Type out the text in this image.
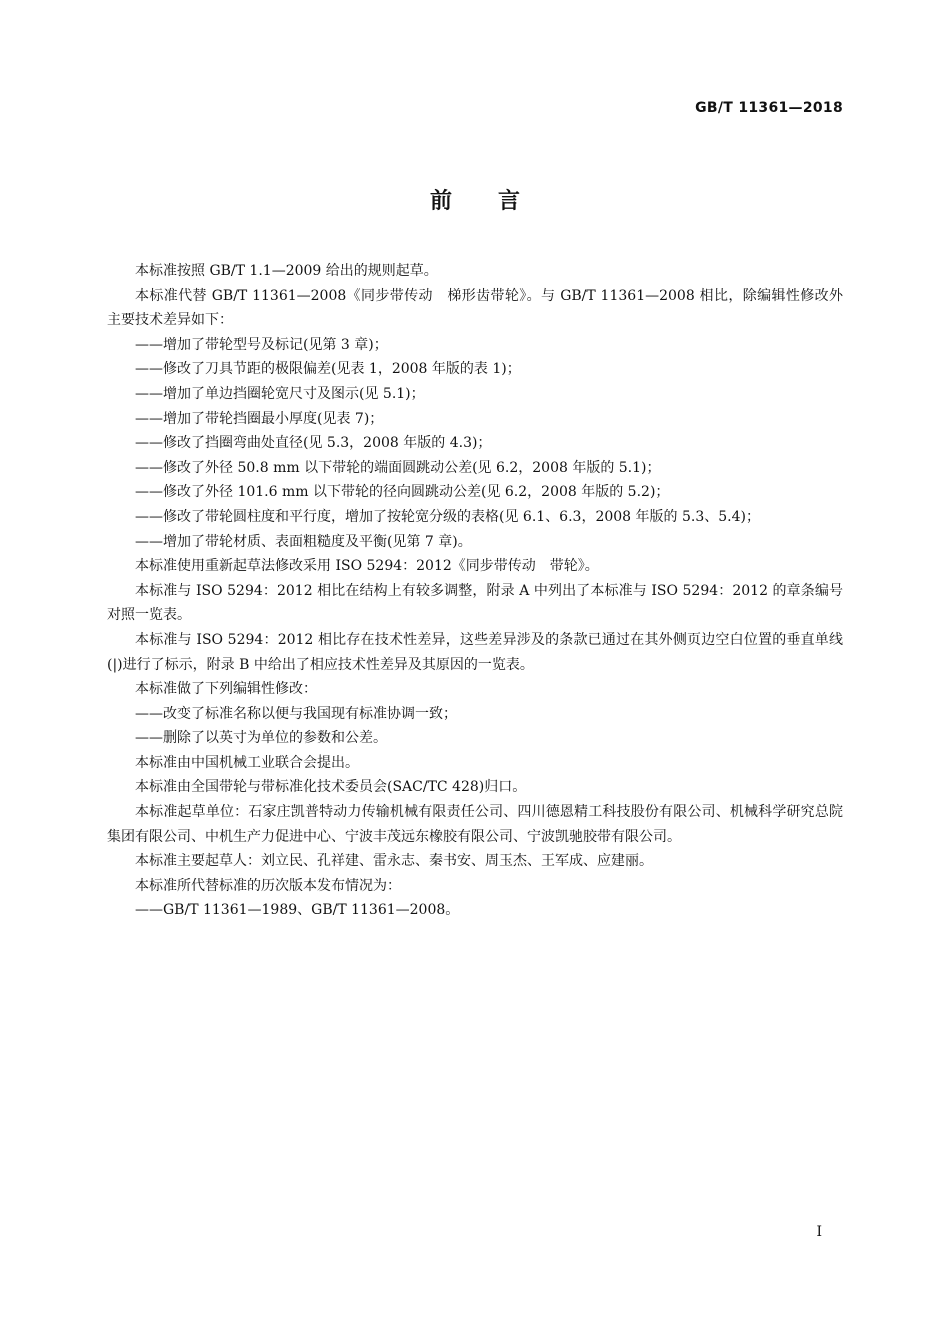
GB/T 11361—2018
前言

本标准按照 GB/T 1.1—2009 给出的规则起草。

本标准代替 GB/T 11361—2008《同步带传动　梯形齿带轮》。与 GB/T 11361—2008 相比，除编辑性修改外主要技术差异如下：

——增加了带轮型号及标记(见第 3 章)；

——修改了刀具节距的极限偏差(见表 1，2008 年版的表 1)；

——增加了单边挡圈轮宽尺寸及图示(见 5.1)；

——增加了带轮挡圈最小厚度(见表 7)；

——修改了挡圈弯曲处直径(见 5.3，2008 年版的 4.3)；

——修改了外径 50.8 mm 以下带轮的端面圆跳动公差(见 6.2，2008 年版的 5.1)；

——修改了外径 101.6 mm 以下带轮的径向圆跳动公差(见 6.2，2008 年版的 5.2)；

——修改了带轮圆柱度和平行度，增加了按轮宽分级的表格(见 6.1、6.3，2008 年版的 5.3、5.4)；

——增加了带轮材质、表面粗糙度及平衡(见第 7 章)。

本标准使用重新起草法修改采用 ISO 5294：2012《同步带传动　带轮》。

本标准与 ISO 5294：2012 相比在结构上有较多调整，附录 A 中列出了本标准与 ISO 5294：2012 的章条编号对照一览表。

本标准与 ISO 5294：2012 相比存在技术性差异，这些差异涉及的条款已通过在其外侧页边空白位置的垂直单线(|)进行了标示，附录 B 中给出了相应技术性差异及其原因的一览表。

本标准做了下列编辑性修改：

——改变了标准名称以便与我国现有标准协调一致；

——删除了以英寸为单位的参数和公差。

本标准由中国机械工业联合会提出。

本标准由全国带轮与带标准化技术委员会(SAC/TC 428)归口。

本标准起草单位：石家庄凯普特动力传输机械有限责任公司、四川德恩精工科技股份有限公司、机械科学研究总院集团有限公司、中机生产力促进中心、宁波丰茂远东橡胶有限公司、宁波凯驰胶带有限公司。

本标准主要起草人：刘立民、孔祥建、雷永志、秦书安、周玉杰、王军成、应建丽。

本标准所代替标准的历次版本发布情况为：

——GB/T 11361—1989、GB/T 11361—2008。

I
